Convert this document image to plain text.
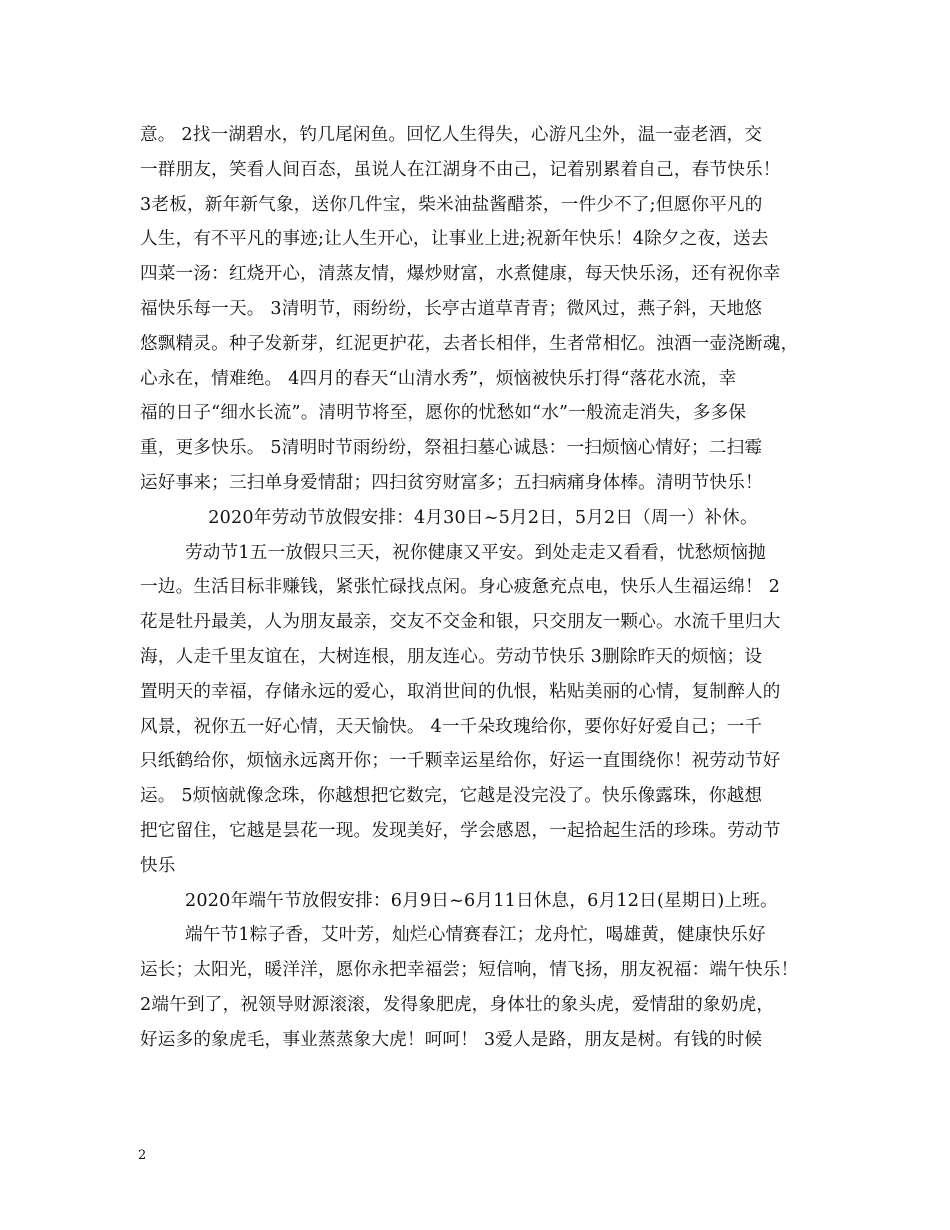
意。 2找一湖碧水，钓几尾闲鱼。回忆人生得失，心游凡尘外，温一壶老酒，交
一群朋友，笑看人间百态，虽说人在江湖身不由己，记着别累着自己，春节快乐！
3老板，新年新气象，送你几件宝，柴米油盐酱醋茶，一件少不了;但愿你平凡的
人生，有不平凡的事迹;让人生开心，让事业上进;祝新年快乐！4除夕之夜，送去
四菜一汤：红烧开心，清蒸友情，爆炒财富，水煮健康，每天快乐汤，还有祝你幸
福快乐每一天。 3清明节，雨纷纷，长亭古道草青青；微风过，燕子斜，天地悠
悠飘精灵。种子发新芽，红泥更护花，去者长相伴，生者常相忆。浊酒一壶浇断魂，
心永在，情难绝。 4四月的春天“山清水秀”，烦恼被快乐打得“落花水流，幸
福的日子“细水长流”。清明节将至，愿你的忧愁如“水”一般流走消失，多多保
重，更多快乐。 5清明时节雨纷纷，祭祖扫墓心诚恳：一扫烦恼心情好；二扫霉
运好事来；三扫单身爱情甜；四扫贫穷财富多；五扫病痛身体棒。清明节快乐！
2020年劳动节放假安排：4月30日~5月2日，5月2日（周一）补休。
劳动节1五一放假只三天，祝你健康又平安。到处走走又看看，忧愁烦恼抛
一边。生活目标非赚钱，紧张忙碌找点闲。身心疲惫充点电，快乐人生福运绵！ 2
花是牡丹最美，人为朋友最亲，交友不交金和银，只交朋友一颗心。水流千里归大
海，人走千里友谊在，大树连根，朋友连心。劳动节快乐 3删除昨天的烦恼；设
置明天的幸福，存储永远的爱心，取消世间的仇恨，粘贴美丽的心情，复制醉人的
风景，祝你五一好心情，天天愉快。 4一千朵玫瑰给你，要你好好爱自己；一千
只纸鹤给你，烦恼永远离开你；一千颗幸运星给你，好运一直围绕你！祝劳动节好
运。 5烦恼就像念珠，你越想把它数完，它越是没完没了。快乐像露珠，你越想
把它留住，它越是昙花一现。发现美好，学会感恩，一起拾起生活的珍珠。劳动节
快乐
2020年端午节放假安排：6月9日~6月11日休息，6月12日(星期日)上班。
端午节1粽子香，艾叶芳，灿烂心情赛春江；龙舟忙，喝雄黄，健康快乐好
运长；太阳光，暖洋洋，愿你永把幸福尝；短信响，情飞扬，朋友祝福：端午快乐！
2端午到了，祝领导财源滚滚，发得象肥虎，身体壮的象头虎，爱情甜的象奶虎，
好运多的象虎毛，事业蒸蒸象大虎！呵呵！ 3爱人是路，朋友是树。有钱的时候
2
